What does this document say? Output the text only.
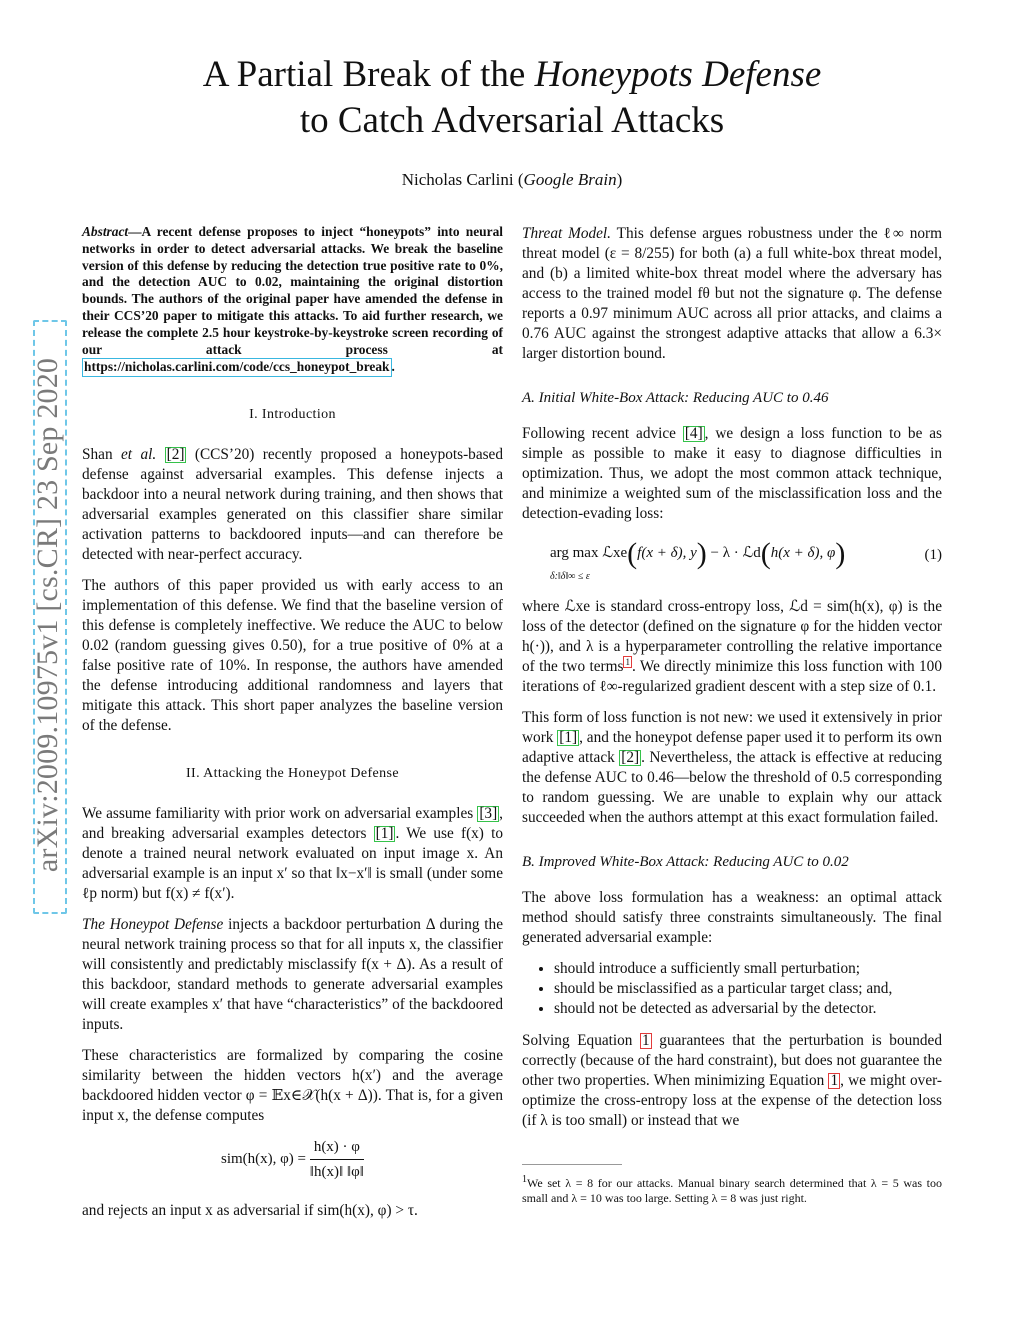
arXiv:2009.10975v1 [cs.CR] 23 Sep 2020
A Partial Break of the Honeypots Defense
to Catch Adversarial Attacks
Nicholas Carlini (Google Brain)
Abstract—A recent defense proposes to inject “honeypots” into neural networks in order to detect adversarial attacks. We break the baseline version of this defense by reducing the detection true positive rate to 0%, and the detection AUC to 0.02, maintaining the original distortion bounds. The authors of the original paper have amended the defense in their CCS’20 paper to mitigate this attacks. To aid further research, we release the complete 2.5 hour keystroke-by-keystroke screen recording of our attack process at https://nicholas.carlini.com/code/ccs_honeypot_break .
I. Introduction

Shan et al. [2] (CCS’20) recently proposed a honeypots-based defense against adversarial examples. This defense injects a backdoor into a neural network during training, and then shows that adversarial examples generated on this classifier share similar activation patterns to backdoored inputs—and can therefore be detected with near-perfect accuracy.

The authors of this paper provided us with early access to an implementation of this defense. We find that the baseline version of this defense is completely ineffective. We reduce the AUC to below 0.02 (random guessing gives 0.50), for a true positive of 0% at a false positive rate of 10%. In response, the authors have amended the defense introducing additional randomness and layers that mitigate this attack. This short paper analyzes the baseline version of the defense.

II. Attacking the Honeypot Defense

We assume familiarity with prior work on adversarial examples [3] , and breaking adversarial examples detectors [1] . We use f(x) to denote a trained neural network evaluated on input image x. An adversarial example is an input x′ so that ‖x−x′‖ is small (under some ℓp norm) but f(x) ≠ f(x′).

The Honeypot Defense injects a backdoor perturbation Δ during the neural network training process so that for all inputs x, the classifier will consistently and predictably misclassify f(x + Δ). As a result of this backdoor, standard methods to generate adversarial examples will create examples x′ that have “characteristics” of the backdoored inputs.

These characteristics are formalized by comparing the cosine similarity between the hidden vectors h(x′) and the average backdoored hidden vector φ = 𝔼x∈𝒳(h(x + Δ)). That is, for a given input x, the defense computes

sim(h(x), $\varphi) = \frac{h(x) \cdot \varphi}{‖h(x)‖ ‖\varphi‖}$

and rejects an input x as adversarial if sim(h(x), φ) > τ.

Threat Model. This defense argues robustness under the ℓ∞ norm threat model (ε = 8/255) for both (a) a full white-box threat model, and (b) a limited white-box threat model where the adversary has access to the trained model fθ but not the signature φ. The defense reports a 0.97 minimum AUC across all prior attacks, and claims a 0.76 AUC against the strongest adaptive attacks that allow a 6.3× larger distortion bound.

A. Initial White-Box Attack: Reducing AUC to 0.46

Following recent advice [4] , we design a loss function to be as simple as possible to make it easy to diagnose difficulties in optimization. Thus, we adopt the most common attack technique, and minimize a weighted sum of the misclassification loss and the detection-evading loss:

arg max ℒxe(f(x + δ), y) − λ · ℒd(h(x + δ), φ)
δ:‖δ‖∞ ≤ ε
(1)

where ℒxe is standard cross-entropy loss, ℒd = sim(h(x), φ) is the loss of the detector (defined on the signature φ for the hidden vector h(·)), and λ is a hyperparameter controlling the relative importance of the two terms $^1$ . We directly minimize this loss function with 100 iterations of ℓ∞-regularized gradient descent with a step size of 0.1.

This form of loss function is not new: we used it extensively in prior work [1] , and the honeypot defense paper used it to perform its own adaptive attack [2] . Nevertheless, the attack is effective at reducing the defense AUC to 0.46—below the threshold of 0.5 corresponding to random guessing. We are unable to explain why our attack succeeded when the authors attempt at this exact formulation failed.

B. Improved White-Box Attack: Reducing AUC to 0.02

The above loss formulation has a weakness: an optimal attack method should satisfy three constraints simultaneously. The final generated adversarial example:

• should introduce a sufficiently small perturbation;
• should be misclassified as a particular target class; and,
• should not be detected as adversarial by the detector.

Solving Equation 1 guarantees that the perturbation is bounded correctly (because of the hard constraint), but does not guarantee the other two properties. When minimizing Equation 1 , we might over-optimize the cross-entropy loss at the expense of the detection loss (if λ is too small) or instead that we

$^1$We set λ = 8 for our attacks. Manual binary search determined that λ = 5 was too small and λ = 10 was too large. Setting λ = 8 was just right.
